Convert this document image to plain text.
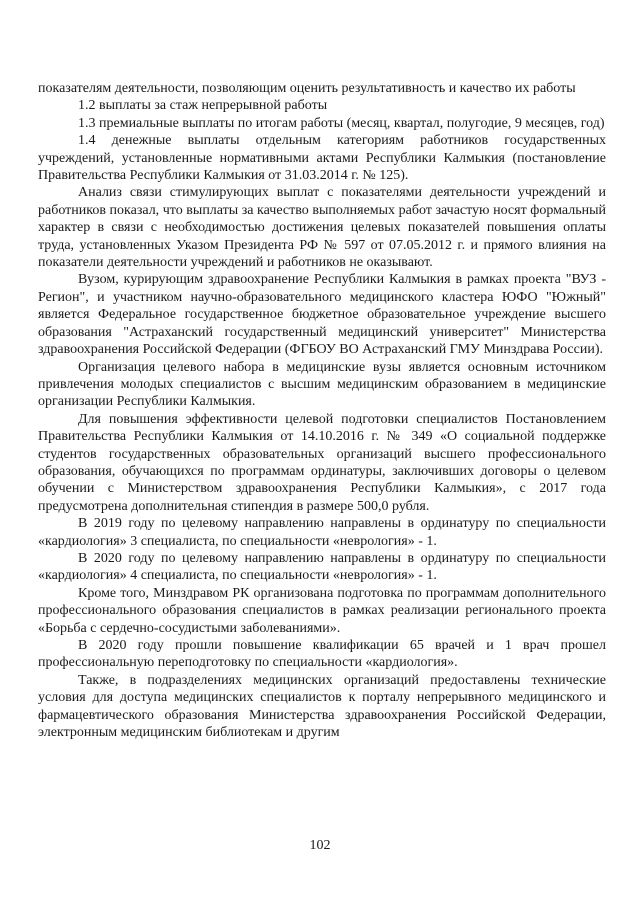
показателям деятельности, позволяющим оценить результативность и качество их работы

1.2 выплаты за стаж непрерывной работы

1.3 премиальные выплаты по итогам работы (месяц, квартал, полугодие, 9 месяцев, год)

1.4 денежные выплаты отдельным категориям работников государственных учреждений, установленные нормативными актами Республики Калмыкия (постановление Правительства Республики Калмыкия от 31.03.2014 г. № 125).

Анализ связи стимулирующих выплат с показателями деятельности учреждений и работников показал, что выплаты за качество выполняемых работ зачастую носят формальный характер в связи с необходимостью достижения целевых показателей повышения оплаты труда, установленных Указом Президента РФ № 597 от 07.05.2012 г. и прямого влияния на показатели деятельности учреждений и работников не оказывают.

Вузом, курирующим здравоохранение Республики Калмыкия в рамках проекта "ВУЗ - Регион", и участником научно-образовательного медицинского кластера ЮФО "Южный" является Федеральное государственное бюджетное образовательное учреждение высшего образования "Астраханский государственный медицинский университет" Министерства здравоохранения Российской Федерации (ФГБОУ ВО Астраханский ГМУ Минздрава России).

Организация целевого набора в медицинские вузы является основным источником привлечения молодых специалистов с высшим медицинским образованием в медицинские организации Республики Калмыкия.

Для повышения эффективности целевой подготовки специалистов Постановлением Правительства Республики Калмыкия от 14.10.2016 г. № 349 «О социальной поддержке студентов государственных образовательных организаций высшего профессионального образования, обучающихся по программам ординатуры, заключивших договоры о целевом обучении с Министерством здравоохранения Республики Калмыкия», с 2017 года предусмотрена дополнительная стипендия в размере 500,0 рубля.

В 2019 году по целевому направлению направлены в ординатуру по специальности «кардиология» 3 специалиста, по специальности «неврология» - 1.

В 2020 году по целевому направлению направлены в ординатуру по специальности «кардиология» 4 специалиста, по специальности «неврология» - 1.

Кроме того, Минздравом РК организована подготовка по программам дополнительного профессионального образования специалистов в рамках реализации регионального проекта «Борьба с сердечно-сосудистыми заболеваниями».

В 2020 году прошли повышение квалификации 65 врачей и 1 врач прошел профессиональную переподготовку по специальности «кардиология».

Также, в подразделениях медицинских организаций предоставлены технические условия для доступа медицинских специалистов к порталу непрерывного медицинского и фармацевтического образования Министерства здравоохранения Российской Федерации, электронным медицинским библиотекам и другим

102
